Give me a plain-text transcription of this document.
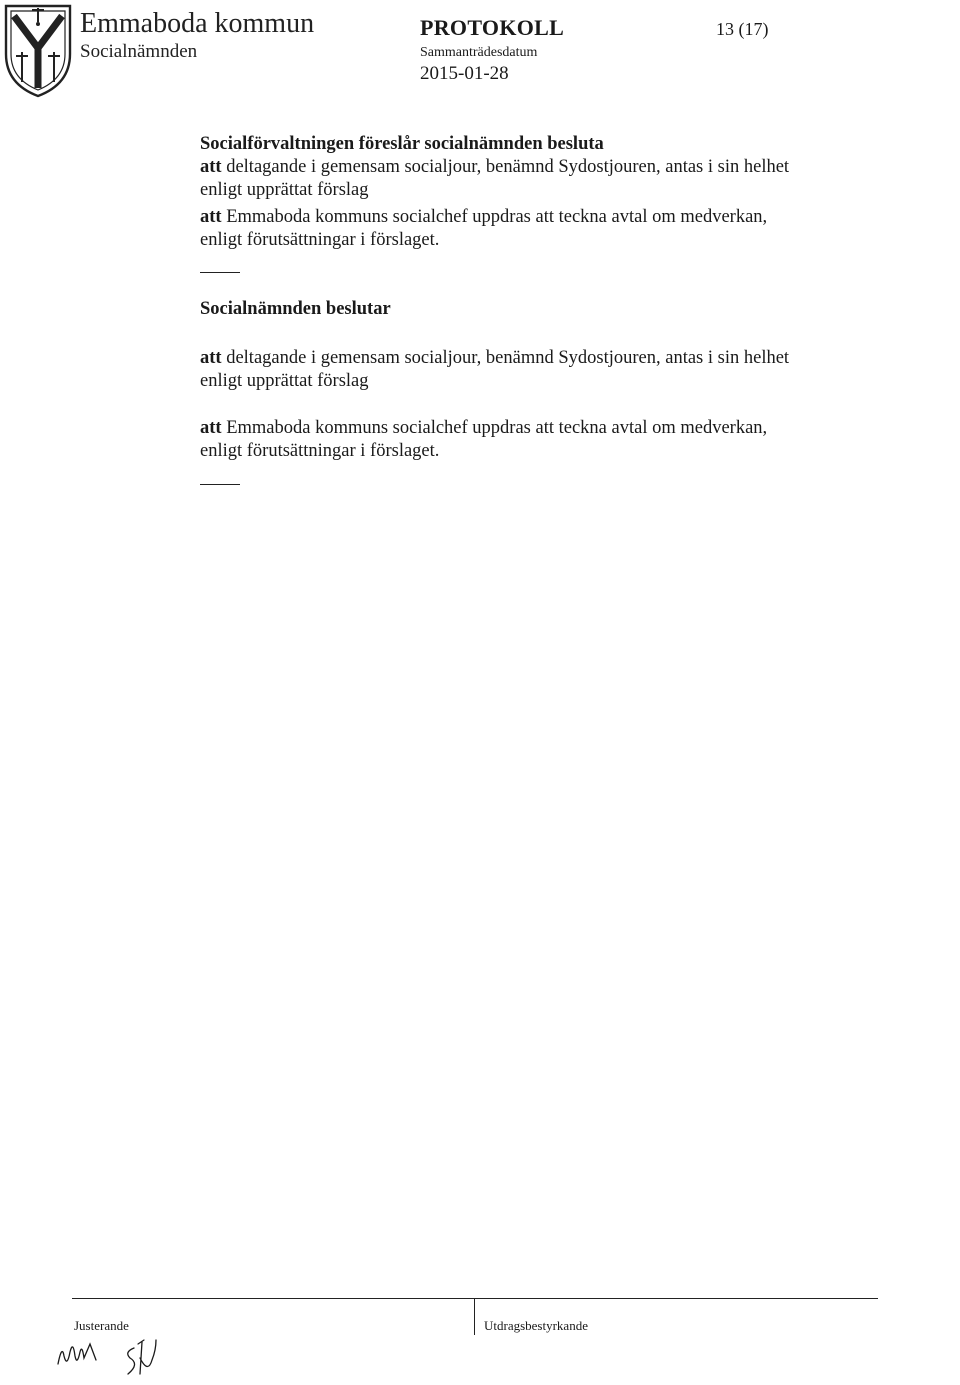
Emmaboda kommun
Socialnämnden
PROTOKOLL
Sammanträdesdatum
2015-01-28
13 (17)
Socialförvaltningen föreslår socialnämnden besluta
att deltagande i gemensam socialjour, benämnd Sydostjouren, antas i sin helhet
enligt upprättat förslag
att Emmaboda kommuns socialchef uppdras att teckna avtal om medverkan,
enligt förutsättningar i förslaget.
Socialnämnden beslutar
att deltagande i gemensam socialjour, benämnd Sydostjouren, antas i sin helhet
enligt upprättat förslag
att Emmaboda kommuns socialchef uppdras att teckna avtal om medverkan,
enligt förutsättningar i förslaget.
Justerande	Utdragsbestyrkande
